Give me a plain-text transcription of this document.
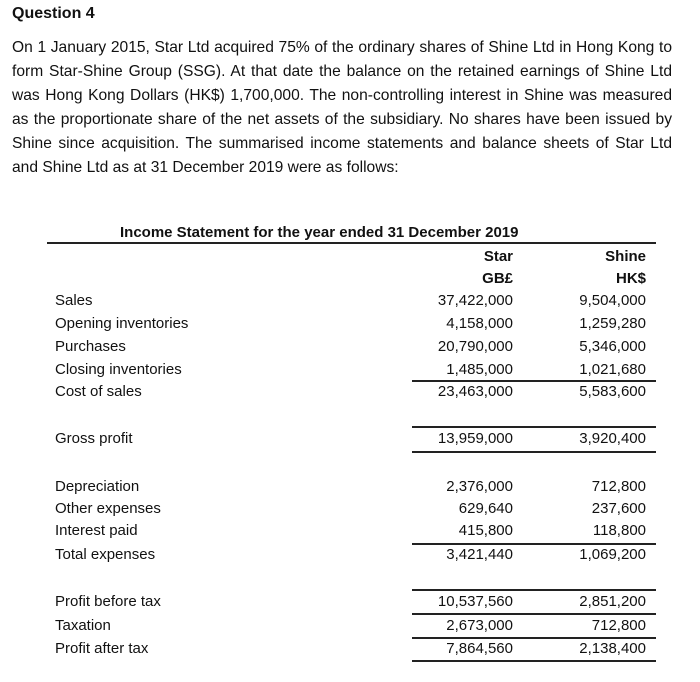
Question 4
On 1 January 2015, Star Ltd acquired 75% of the ordinary shares of Shine Ltd in Hong Kong to form Star-Shine Group (SSG). At that date the balance on the retained earnings of Shine Ltd was Hong Kong Dollars (HK$) 1,700,000. The non-controlling interest in Shine was measured as the proportionate share of the net assets of the subsidiary. No shares have been issued by Shine since acquisition. The summarised income statements and balance sheets of Star Ltd and Shine Ltd as at 31 December 2019 were as follows:
Income Statement for the year ended 31 December 2019
Star	Shine
GB£	HK$
Sales	37,422,000	9,504,000
Opening inventories	4,158,000	1,259,280
Purchases	20,790,000	5,346,000
Closing inventories	1,485,000	1,021,680
Cost of sales	23,463,000	5,583,600
Gross profit	13,959,000	3,920,400
Depreciation	2,376,000	712,800
Other expenses	629,640	237,600
Interest paid	415,800	118,800
Total expenses	3,421,440	1,069,200
Profit before tax	10,537,560	2,851,200
Taxation	2,673,000	712,800
Profit after tax	7,864,560	2,138,400
